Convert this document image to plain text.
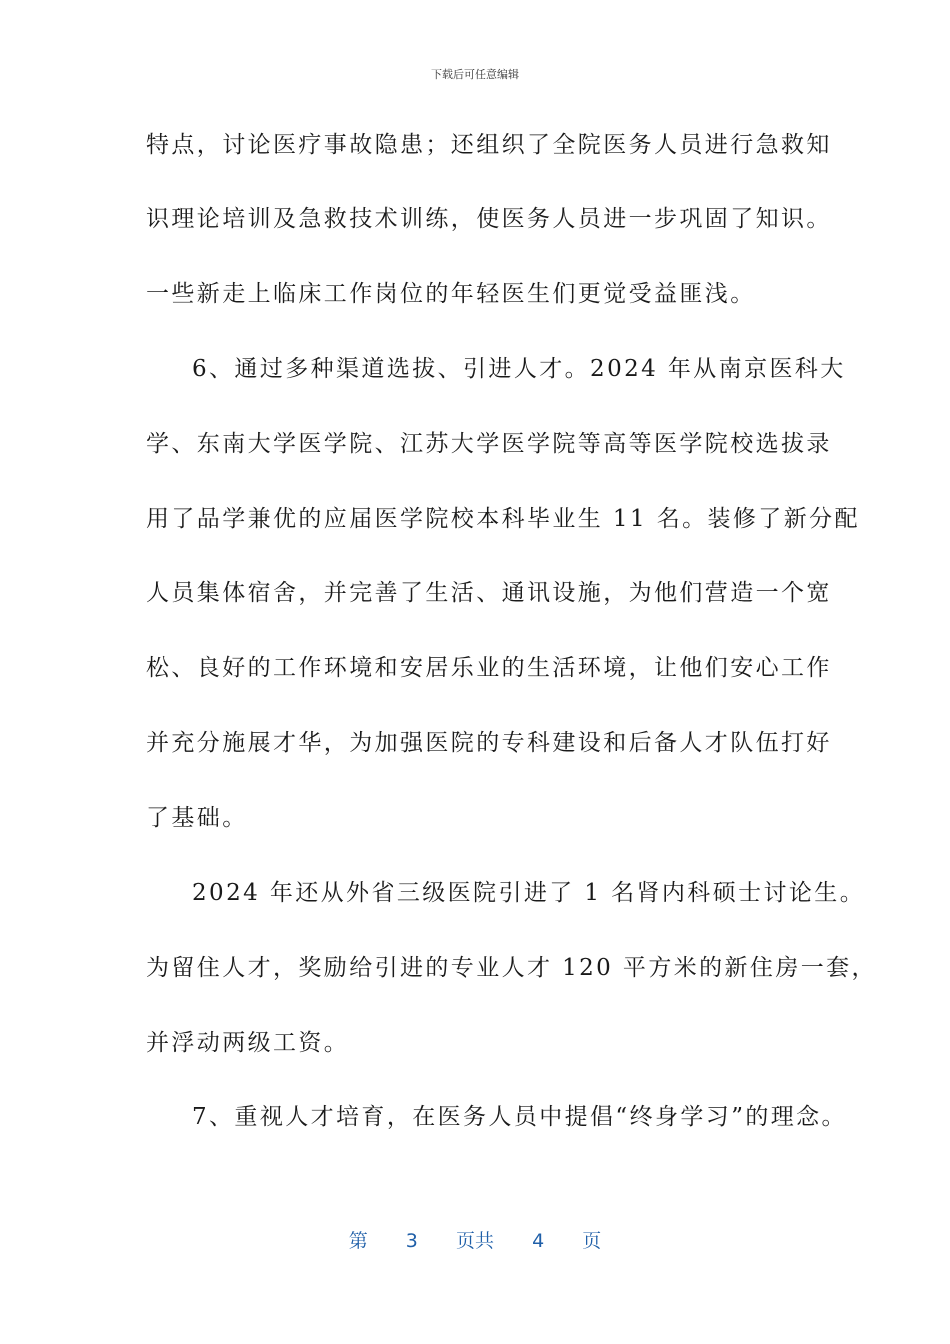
下载后可任意编辑
特点，讨论医疗事故隐患；还组织了全院医务人员进行急救知
识理论培训及急救技术训练，使医务人员进一步巩固了知识。
一些新走上临床工作岗位的年轻医生们更觉受益匪浅。
6、通过多种渠道选拔、引进人才。2024 年从南京医科大
学、东南大学医学院、江苏大学医学院等高等医学院校选拔录
用了品学兼优的应届医学院校本科毕业生 11 名。装修了新分配
人员集体宿舍，并完善了生活、通讯设施，为他们营造一个宽
松、良好的工作环境和安居乐业的生活环境，让他们安心工作
并充分施展才华，为加强医院的专科建设和后备人才队伍打好
了基础。
2024 年还从外省三级医院引进了 1 名肾内科硕士讨论生。
为留住人才，奖励给引进的专业人才 120 平方米的新住房一套，
并浮动两级工资。
7、重视人才培育，在医务人员中提倡“终身学习”的理念。
第 3 页共 4 页
